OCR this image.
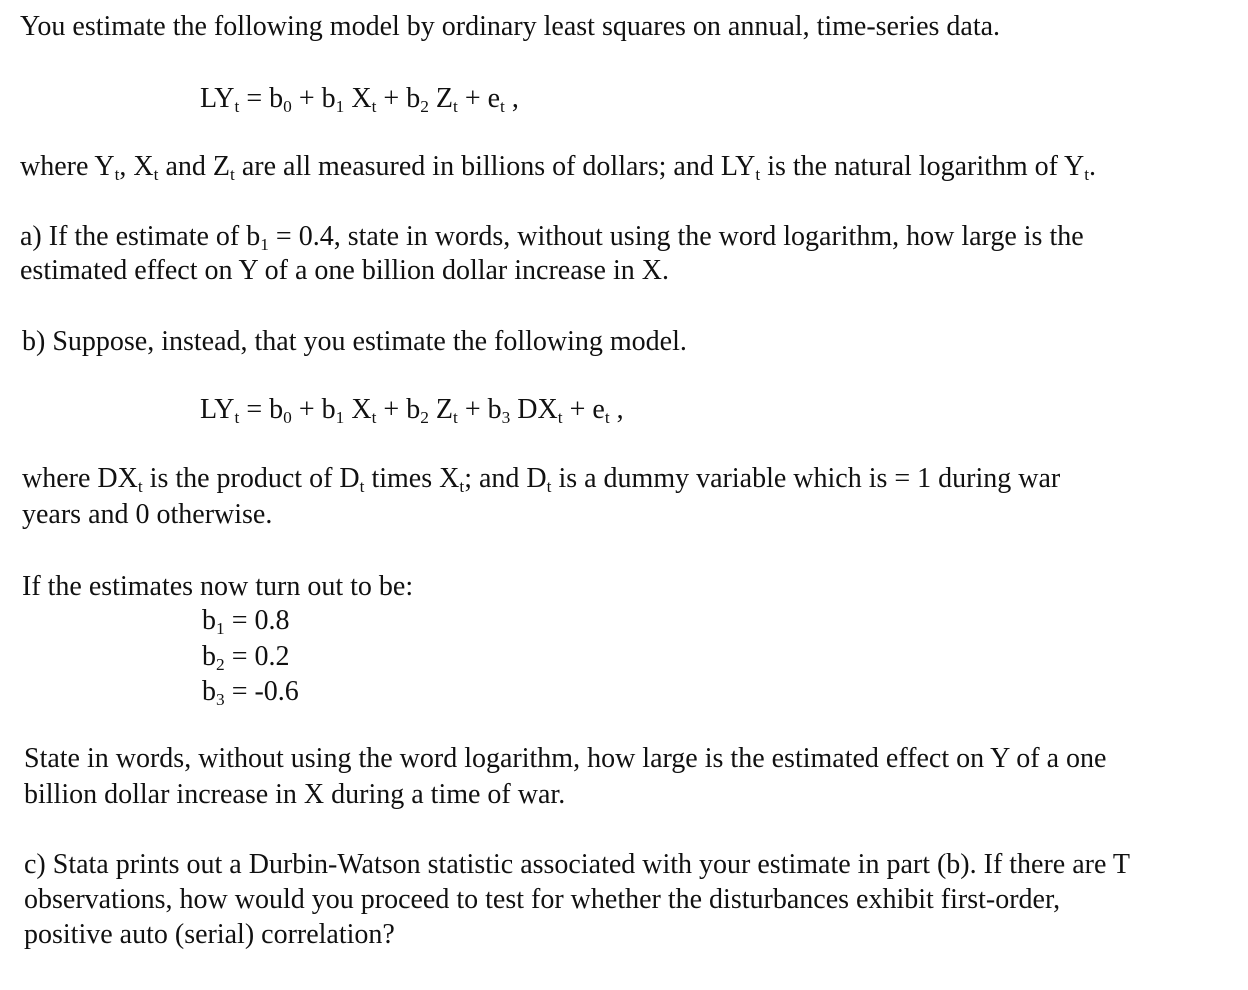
You estimate the following model by ordinary least squares on annual, time-series data.
$LY_t = b_0 + b_1$ $X_t + b_2$ $Z_t + e_t$ ,
where $Y_t$, $X_t$ and $Z_t$ are all measured in billions of dollars; and $LY_t$ is the natural logarithm of $Y_t$.
a) If the estimate of $b_1 = 0.4$, state in words, without using the word logarithm, how large is the
estimated effect on Y of a one billion dollar increase in X.
b) Suppose, instead, that you estimate the following model.
$LY_t = b_0 + b_1$ $X_t + b_2$ $Z_t + b_3$ $DX_t + e_t$ ,
where $DX_t$ is the product of $D_t$ times $X_t$; and $D_t$ is a dummy variable which is = 1 during war
years and 0 otherwise.
If the estimates now turn out to be:
$b_1 = 0.8$
$b_2 = 0.2$
$b_3 = -0.6$
State in words, without using the word logarithm, how large is the estimated effect on Y of a one
billion dollar increase in X during a time of war.
c) Stata prints out a Durbin-Watson statistic associated with your estimate in part (b). If there are T
observations, how would you proceed to test for whether the disturbances exhibit first-order,
positive auto (serial) correlation?
